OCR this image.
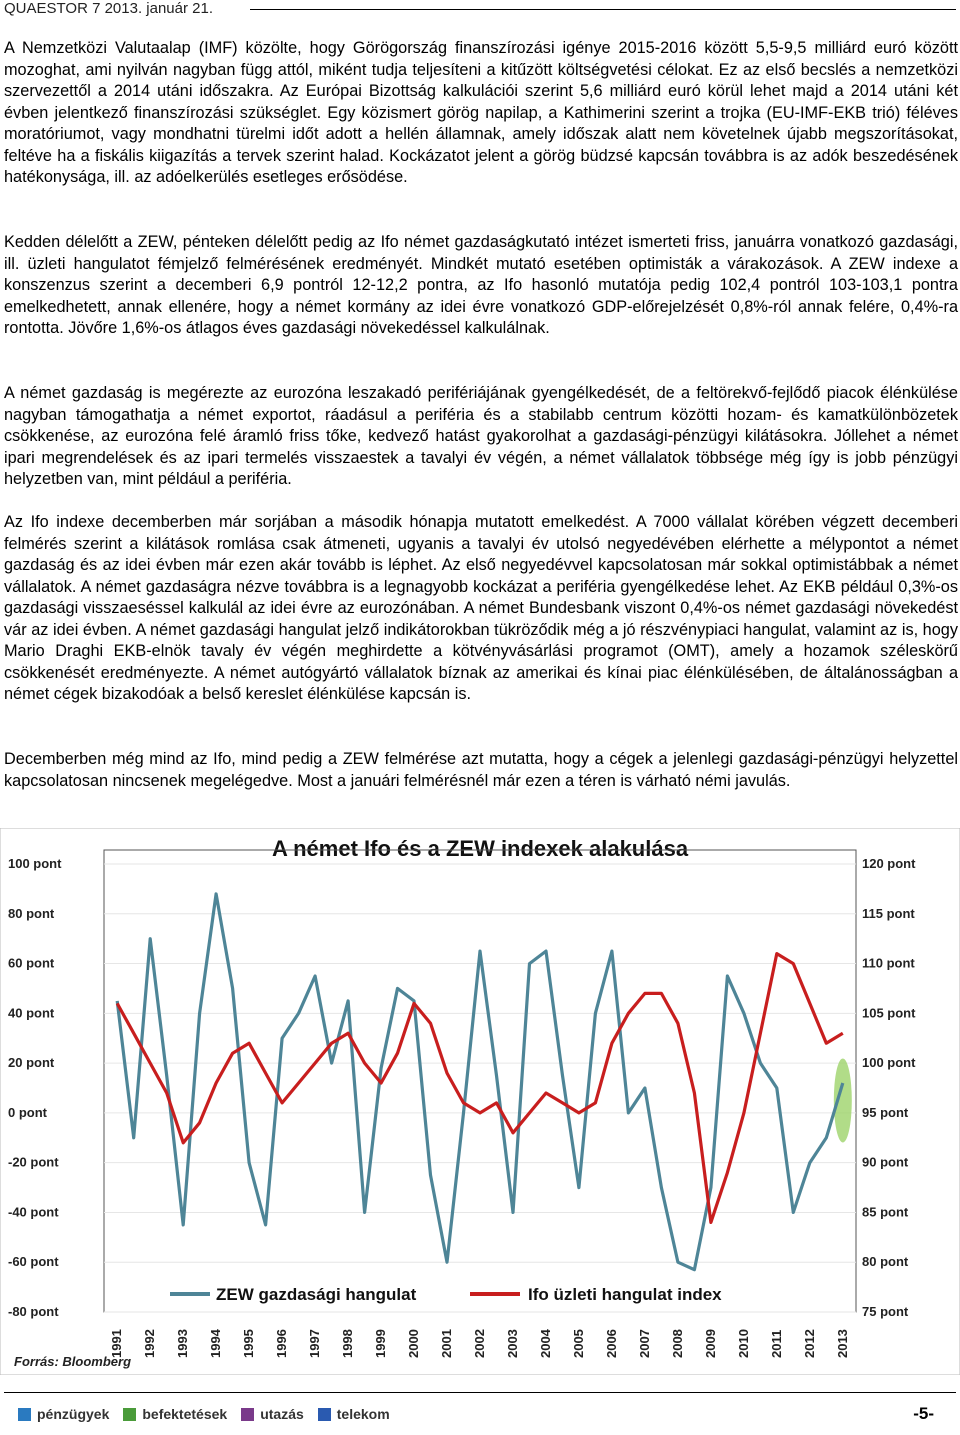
QUAESTOR 7 2013. január 21.

A Nemzetközi Valutaalap (IMF) közölte, hogy Görögország finanszírozási igénye 2015-2016 között 5,5-9,5 milliárd euró között mozoghat, ami nyilván nagyban függ attól, miként tudja teljesíteni a kitűzött költségvetési célokat. Ez az első becslés a nemzetközi szervezettől a 2014 utáni időszakra. Az Európai Bizottság kalkulációi szerint 5,6 milliárd euró körül lehet majd a 2014 utáni két évben jelentkező finanszírozási szükséglet. Egy közismert görög napilap, a Kathimerini szerint a trojka (EU-IMF-EKB trió) féléves moratóriumot, vagy mondhatni türelmi időt adott a hellén államnak, amely időszak alatt nem követelnek újabb megszorításokat, feltéve ha a fiskális kiigazítás a tervek szerint halad. Kockázatot jelent a görög büdzsé kapcsán továbbra is az adók beszedésének hatékonysága, ill. az adóelkerülés esetleges erősödése.

Kedden délelőtt a ZEW, pénteken délelőtt pedig az Ifo német gazdaságkutató intézet ismerteti friss, januárra vonatkozó gazdasági, ill. üzleti hangulatot fémjelző felmérésének eredményét. Mindkét mutató esetében optimisták a várakozások. A ZEW indexe a konszenzus szerint a decemberi 6,9 pontról 12-12,2 pontra, az Ifo hasonló mutatója pedig 102,4 pontról 103-103,1 pontra emelkedhetett, annak ellenére, hogy a német kormány az idei évre vonatkozó GDP-előrejelzését 0,8%-ról annak felére, 0,4%-ra rontotta. Jövőre 1,6%-os átlagos éves gazdasági növekedéssel kalkulálnak.

A német gazdaság is megérezte az eurozóna leszakadó perifériájának gyengélkedését, de a feltörekvő-fejlődő piacok élénkülése nagyban támogathatja a német exportot, ráadásul a periféria és a stabilabb centrum közötti hozam- és kamatkülönbözetek csökkenése, az eurozóna felé áramló friss tőke, kedvező hatást gyakorolhat a gazdasági-pénzügyi kilátásokra. Jóllehet a német ipari megrendelések és az ipari termelés visszaestek a tavalyi év végén, a német vállalatok többsége még így is jobb pénzügyi helyzetben van, mint például a periféria.

Az Ifo indexe decemberben már sorjában a második hónapja mutatott emelkedést. A 7000 vállalat körében végzett decemberi felmérés szerint a kilátások romlása csak átmeneti, ugyanis a tavalyi év utolsó negyedévében elérhette a mélypontot a német gazdaság és az idei évben már ezen akár tovább is léphet. Az első negyedévvel kapcsolatosan már sokkal optimistábbak a német vállalatok. A német gazdaságra nézve továbbra is a legnagyobb kockázat a periféria gyengélkedése lehet. Az EKB például 0,3%-os gazdasági visszaeséssel kalkulál az idei évre az eurozónában. A német Bundesbank viszont 0,4%-os német gazdasági növekedést vár az idei évben. A német gazdasági hangulat jelző indikátorokban tükröződik még a jó részvénypiaci hangulat, valamint az is, hogy Mario Draghi EKB-elnök tavaly év végén meghirdette a kötvényvásárlási programot (OMT), amely a hozamok széleskörű csökkenését eredményezte. A német autógyártó vállalatok bíznak az amerikai és kínai piac élénkülésében, de általánosságban a német cégek bizakodóak a belső kereslet élénkülése kapcsán is.

Decemberben még mind az Ifo, mind pedig a ZEW felmérése azt mutatta, hogy a cégek a jelenlegi gazdasági-pénzügyi helyzettel kapcsolatosan nincsenek megelégedve. Most a januári felmérésnél már ezen a téren is várható némi javulás.

A német Ifo és a ZEW indexek alakulása
100 pont
80 pont
60 pont
40 pont
20 pont
0 pont
-20 pont
-40 pont
-60 pont
-80 pont
120 pont
115 pont
110 pont
105 pont
100 pont
95 pont
90 pont
85 pont
80 pont
75 pont
1991 1992 1993 1994 1995 1996 1997 1998 1999 2000 2001 2002 2003 2004 2005 2006 2007 2008 2009 2010 2011 2012 2013
ZEW gazdasági hangulat	Ifo üzleti hangulat index
Forrás: Bloomberg
pénzügyek befektetések utazás telekom	-5-
